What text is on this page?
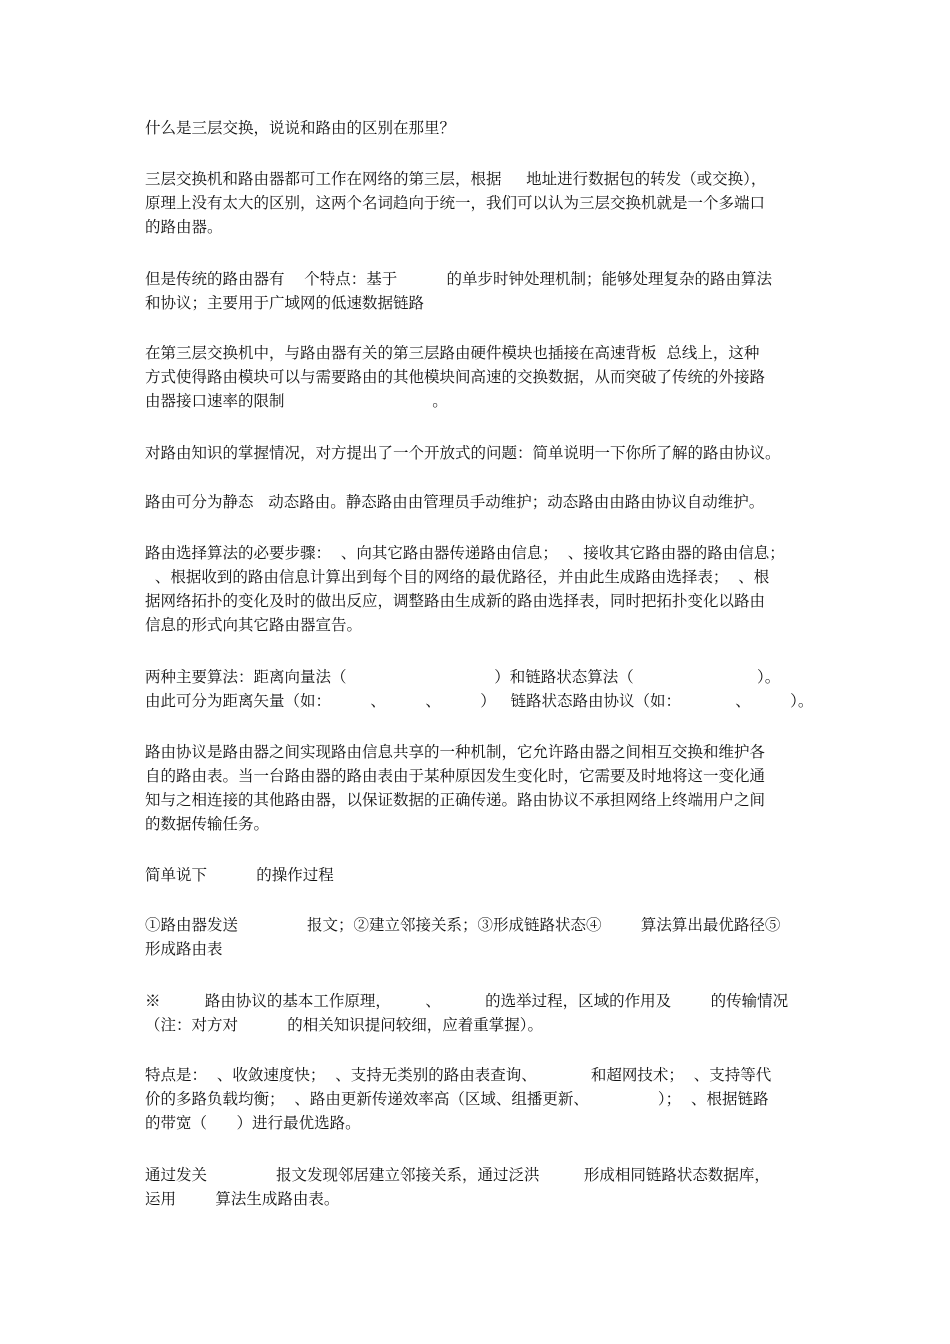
什么是三层交换，说说和路由的区别在那里？
三层交换机和路由器都可工作在网络的第三层，根据     地址进行数据包的转发（或交换），
原理上没有太大的区别，这两个名词趋向于统一，我们可以认为三层交换机就是一个多端口
的路由器。
但是传统的路由器有    个特点：基于          的单步时钟处理机制；能够处理复杂的路由算法
和协议；主要用于广域网的低速数据链路
在第三层交换机中，与路由器有关的第三层路由硬件模块也插接在高速背板  总线上，这种
方式使得路由模块可以与需要路由的其他模块间高速的交换数据，从而突破了传统的外接路
由器接口速率的限制                              。
对路由知识的掌握情况，对方提出了一个开放式的问题：简单说明一下你所了解的路由协议。
路由可分为静态   动态路由。静态路由由管理员手动维护；动态路由由路由协议自动维护。
路由选择算法的必要步骤：  、向其它路由器传递路由信息；  、接收其它路由器的路由信息；
、根据收到的路由信息计算出到每个目的网络的最优路径，并由此生成路由选择表；  、根
据网络拓扑的变化及时的做出反应，调整路由生成新的路由选择表，同时把拓扑变化以路由
信息的形式向其它路由器宣告。
两种主要算法：距离向量法（                              ）和链路状态算法（                         ）。
由此可分为距离矢量（如：        、        、        ）   链路状态路由协议（如：           、        ）。
路由协议是路由器之间实现路由信息共享的一种机制，它允许路由器之间相互交换和维护各
自的路由表。当一台路由器的路由表由于某种原因发生变化时，它需要及时地将这一变化通
知与之相连接的其他路由器，以保证数据的正确传递。路由协议不承担网络上终端用户之间
的数据传输任务。
简单说下          的操作过程
①路由器发送              报文；②建立邻接关系；③形成链路状态④        算法算出最优路径⑤
形成路由表
※         路由协议的基本工作原理，       、         的选举过程，区域的作用及        的传输情况
（注：对方对          的相关知识提问较细，应着重掌握）。
特点是：  、收敛速度快；  、支持无类别的路由表查询、           和超网技术；  、支持等代
价的多路负载均衡；  、路由更新传递效率高（区域、组播更新、              ）；  、根据链路
的带宽（      ）进行最优选路。
通过发关              报文发现邻居建立邻接关系，通过泛洪         形成相同链路状态数据库，
运用        算法生成路由表。
